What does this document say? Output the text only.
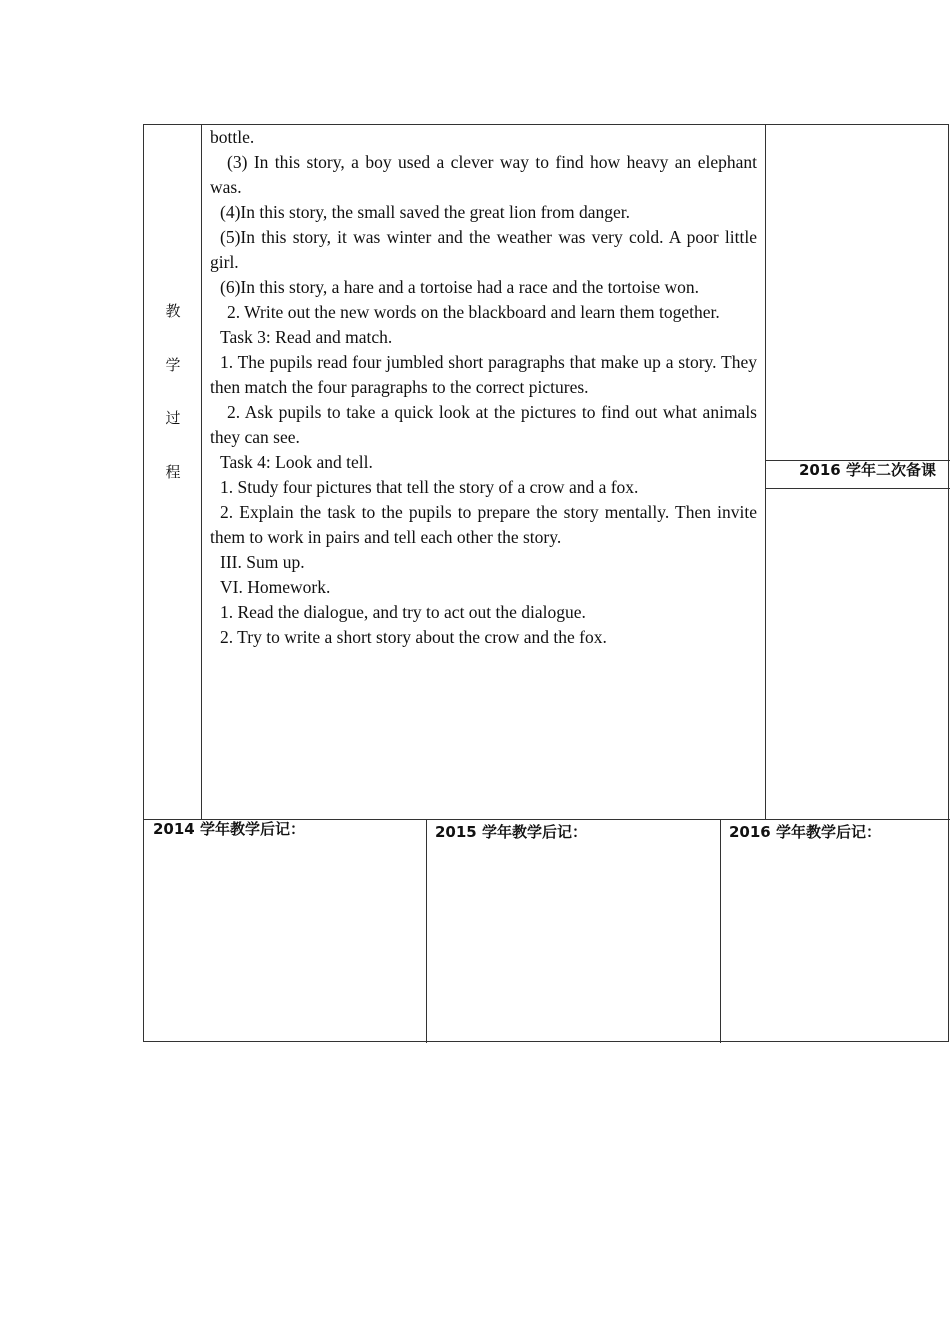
教
学
过
程

bottle.

(3) In this story, a boy used a clever way to find how heavy an elephant was.

(4)In this story, the small saved the great lion from danger.

(5)In this story, it was winter and the weather was very cold. A poor little girl.

(6)In this story, a hare and a tortoise had a race and the tortoise won.

2. Write out the new words on the blackboard and learn them together.

Task 3: Read and match.

1. The pupils read four jumbled short paragraphs that make up a story. They then match the four paragraphs to the correct pictures.

2. Ask pupils to take a quick look at the pictures to find out what animals they can see.

Task 4: Look and tell.

1. Study four pictures that tell the story of a crow and a fox.

2. Explain the task to the pupils to prepare the story mentally. Then invite them to work in pairs and tell each other the story.

III. Sum up.

VI. Homework.

1. Read the dialogue, and try to act out the dialogue.

2. Try to write a short story about the crow and the fox.

2016 学年二次备课
2014 学年教学后记：	2015 学年教学后记：	2016 学年教学后记：
